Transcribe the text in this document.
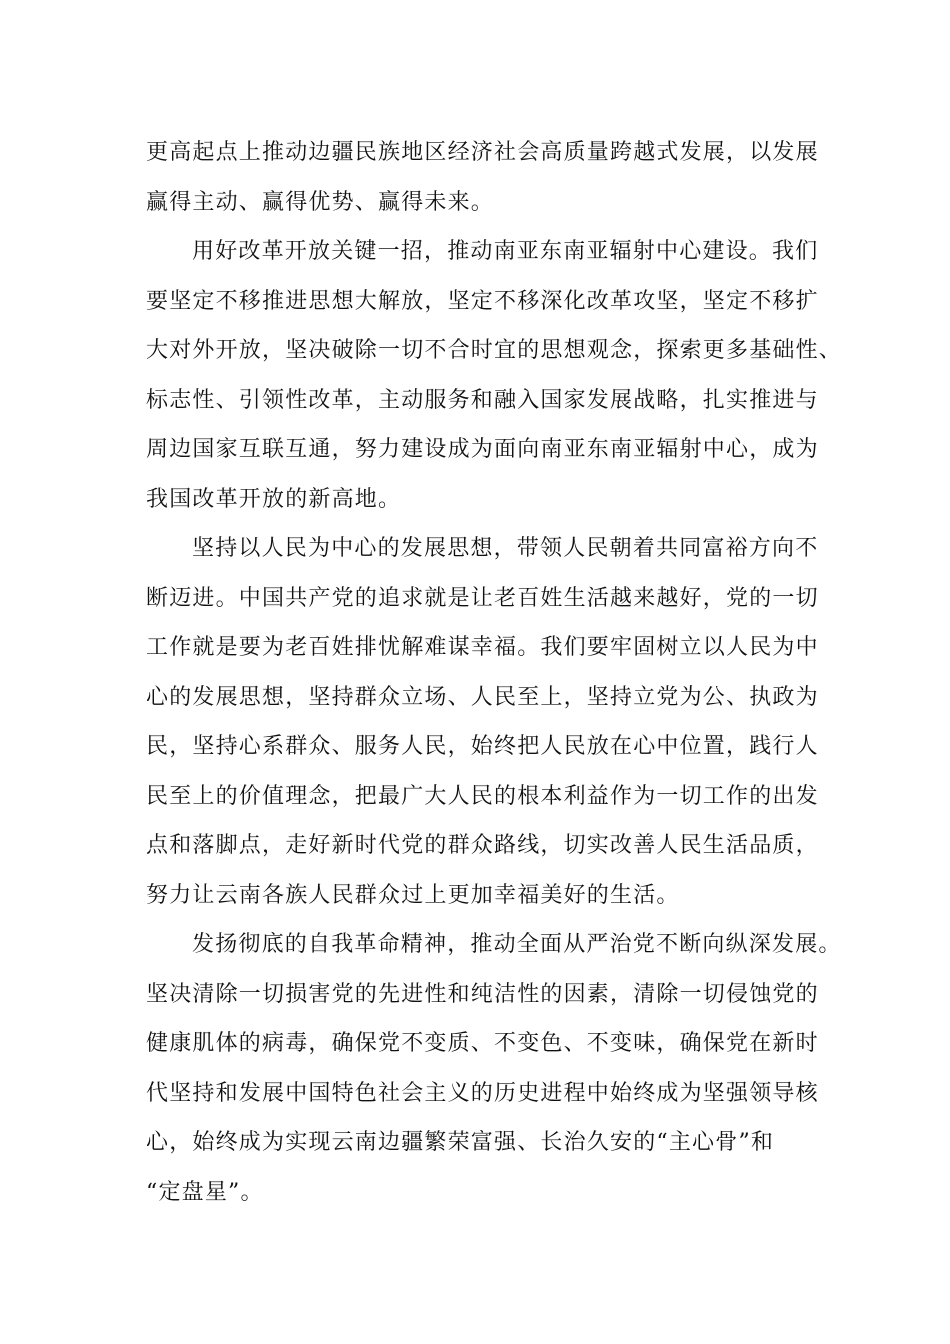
更高起点上推动边疆民族地区经济社会高质量跨越式发展，以发展
赢得主动、赢得优势、赢得未来。

用好改革开放关键一招，推动南亚东南亚辐射中心建设。我们
要坚定不移推进思想大解放，坚定不移深化改革攻坚，坚定不移扩
大对外开放，坚决破除一切不合时宜的思想观念，探索更多基础性、
标志性、引领性改革，主动服务和融入国家发展战略，扎实推进与
周边国家互联互通，努力建设成为面向南亚东南亚辐射中心，成为
我国改革开放的新高地。

坚持以人民为中心的发展思想，带领人民朝着共同富裕方向不
断迈进。中国共产党的追求就是让老百姓生活越来越好，党的一切
工作就是要为老百姓排忧解难谋幸福。我们要牢固树立以人民为中
心的发展思想，坚持群众立场、人民至上，坚持立党为公、执政为
民，坚持心系群众、服务人民，始终把人民放在心中位置，践行人
民至上的价值理念，把最广大人民的根本利益作为一切工作的出发
点和落脚点，走好新时代党的群众路线，切实改善人民生活品质，
努力让云南各族人民群众过上更加幸福美好的生活。

发扬彻底的自我革命精神，推动全面从严治党不断向纵深发展。
坚决清除一切损害党的先进性和纯洁性的因素，清除一切侵蚀党的
健康肌体的病毒，确保党不变质、不变色、不变味，确保党在新时
代坚持和发展中国特色社会主义的历史进程中始终成为坚强领导核
心，始终成为实现云南边疆繁荣富强、长治久安的“主心骨”和
“定盘星”。
